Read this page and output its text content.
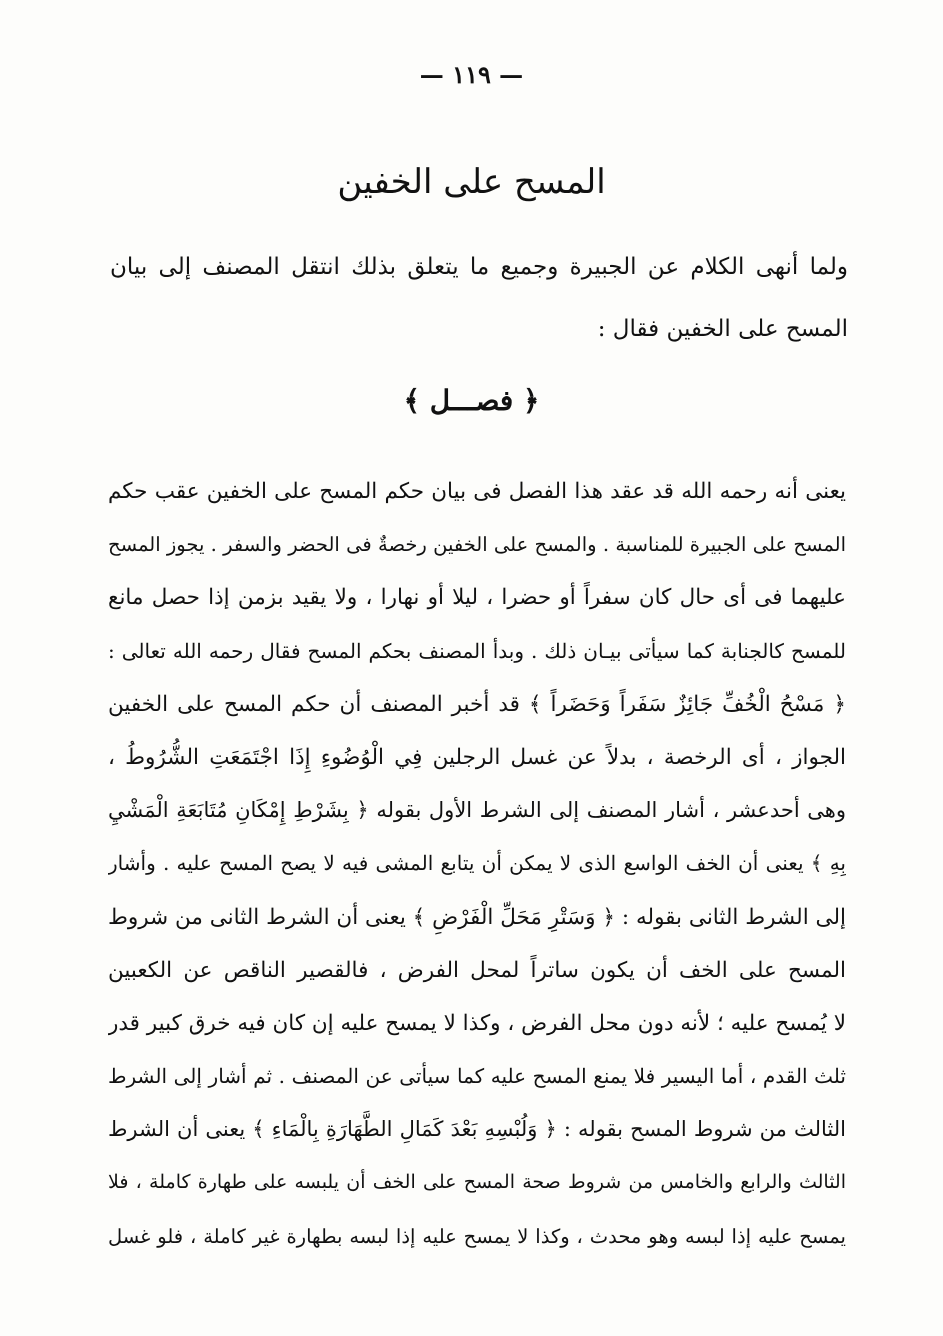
— ١١٩ —
المسح على الخفين
ولما أنهى الكلام عن الجبيرة وجميع ما يتعلق بذلك انتقل المصنف إلى بيان المسح على الخفين فقال :
﴿ فصـــل ﴾
يعنى أنه رحمه الله قد عقد هذا الفصل فى بيان حكم المسح على الخفين عقب حكم
المسح على الجبيرة للمناسبة . والمسح على الخفين رخصةٌ فى الحضر والسفر . يجوز المسح
عليهما فى أى حال كان سفراً أو حضرا ، ليلا أو نهارا ، ولا يقيد بزمن إذا حصل مانع
للمسح كالجنابة كما سيأتى بيـان ذلك . وبدأ المصنف بحكم المسح فقال رحمه الله تعالى :
﴿ مَسْحُ الْخُفِّ جَائِزٌ سَفَراً وَحَضَراً ﴾ قد أخبر المصنف أن حكم المسح على الخفين
الجواز ، أى الرخصة ، بدلاً عن غسل الرجلين فِي الْوُضُوءِ إِذَا اجْتَمَعَتِ الشُّرُوطُ ،
وهى أحدعشر ، أشار المصنف إلى الشرط الأول بقوله ﴿ بِشَرْطِ إِمْكَانِ مُتَابَعَةِ الْمَشْيِ
بِهِ ﴾ يعنى أن الخف الواسع الذى لا يمكن أن يتابع المشى فيه لا يصح المسح عليه . وأشار
إلى الشرط الثانى بقوله : ﴿ وَسَتْرِ مَحَلِّ الْفَرْضِ ﴾ يعنى أن الشرط الثانى من شروط
المسح على الخف أن يكون ساتراً لمحل الفرض ، فالقصير الناقص عن الكعبين
لا يُمسح عليه ؛ لأنه دون محل الفرض ، وكذا لا يمسح عليه إن كان فيه خرق كبير قدر
ثلث القدم ، أما اليسير فلا يمنع المسح عليه كما سيأتى عن المصنف . ثم أشار إلى الشرط
الثالث من شروط المسح بقوله : ﴿ وَلُبْسِهِ بَعْدَ كَمَالِ الطَّهَارَةِ بِالْمَاءِ ﴾ يعنى أن الشرط
الثالث والرابع والخامس من شروط صحة المسح على الخف أن يلبسه على طهارة كاملة ، فلا
يمسح عليه إذا لبسه وهو محدث ، وكذا لا يمسح عليه إذا لبسه بطهارة غير كاملة ، فلو غسل
